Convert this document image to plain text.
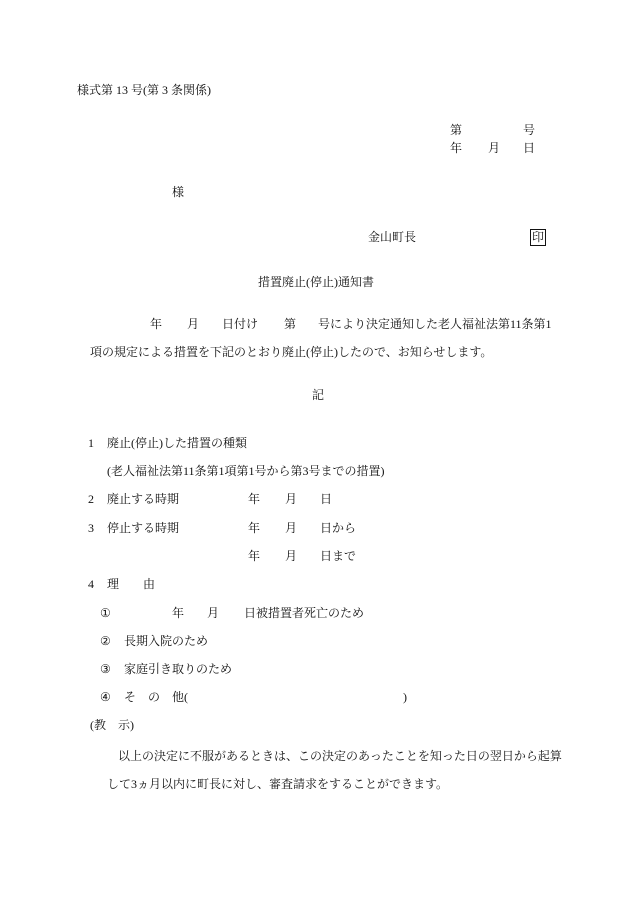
様式第 13 号(第 3 条関係)
第	号
年 月 日
様
金山町長	印
措置廃止(停止)通知書
年 月 日付け 第 号により決定通知した老人福祉法第11条第1
項の規定による措置を下記のとおり廃止(停止)したので、お知らせします。
記
1 廃止(停止)した措置の種類
(老人福祉法第11条第1項第1号から第3号までの措置)
2 廃止する時期	年 月 日
3 停止する時期	年 月 日から
年 月 日まで
4 理　　由
①	年 月 日被措置者死亡のため
② 長期入院のため
③ 家庭引き取りのため
④ そ　の　他(	)
(教　示)
以上の決定に不服があるときは、この決定のあったことを知った日の翌日から起算
して3ヵ月以内に町長に対し、審査請求をすることができます。
